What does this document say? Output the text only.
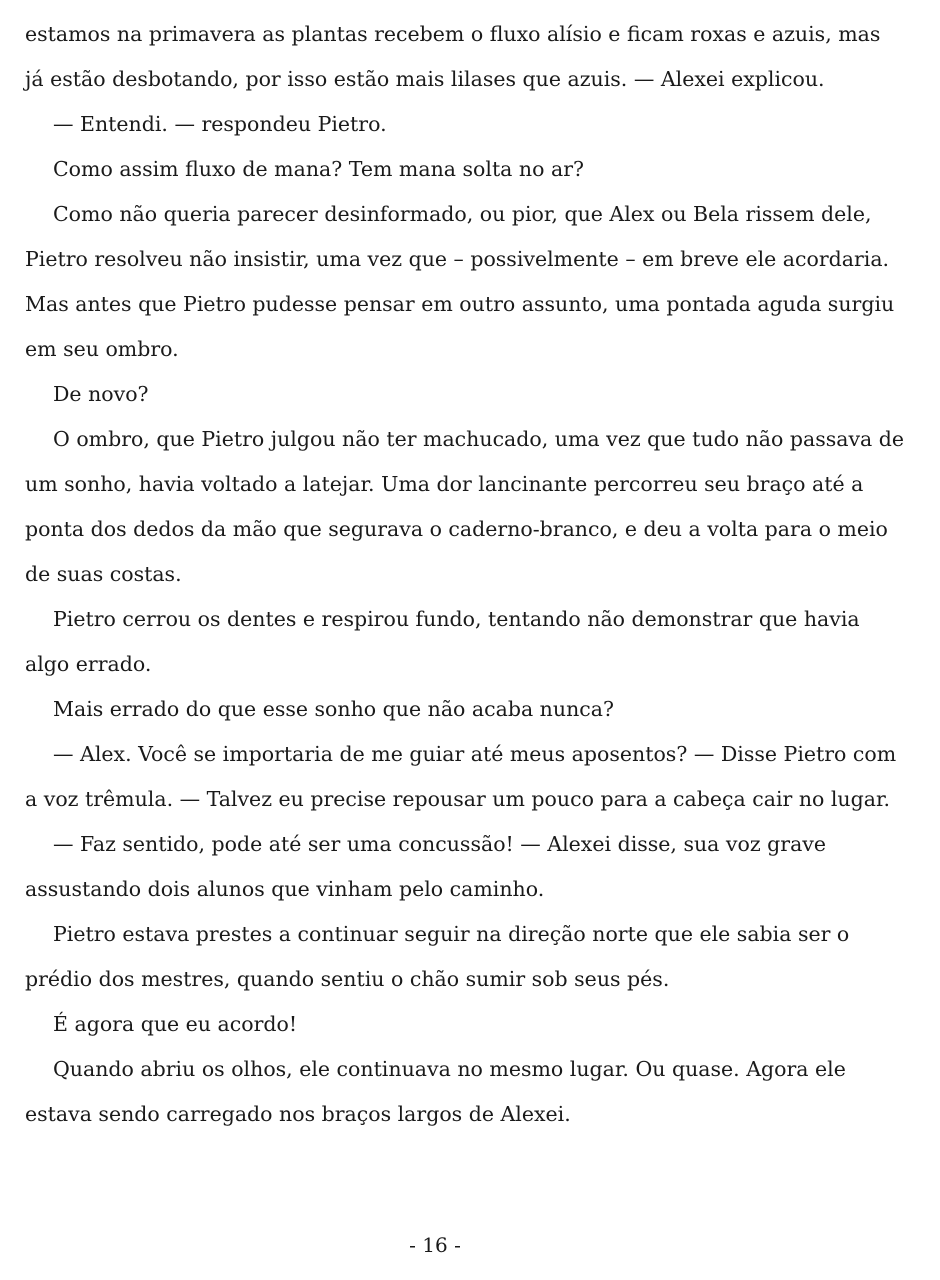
estamos na primavera as plantas recebem o fluxo alísio e ficam roxas e azuis, mas já estão desbotando, por isso estão mais lilases que azuis. — Alexei explicou.

— Entendi. — respondeu Pietro.

Como assim fluxo de mana? Tem mana solta no ar?

Como não queria parecer desinformado, ou pior, que Alex ou Bela rissem dele, Pietro resolveu não insistir, uma vez que – possivelmente – em breve ele acordaria. Mas antes que Pietro pudesse pensar em outro assunto, uma pontada aguda surgiu em seu ombro.

De novo?

O ombro, que Pietro julgou não ter machucado, uma vez que tudo não passava de um sonho, havia voltado a latejar. Uma dor lancinante percorreu seu braço até a ponta dos dedos da mão que segurava o caderno-branco, e deu a volta para o meio de suas costas.

Pietro cerrou os dentes e respirou fundo, tentando não demonstrar que havia algo errado.

Mais errado do que esse sonho que não acaba nunca?

— Alex. Você se importaria de me guiar até meus aposentos? — Disse Pietro com a voz trêmula. — Talvez eu precise repousar um pouco para a cabeça cair no lugar.

— Faz sentido, pode até ser uma concussão! — Alexei disse, sua voz grave assustando dois alunos que vinham pelo caminho.

Pietro estava prestes a continuar seguir na direção norte que ele sabia ser o prédio dos mestres, quando sentiu o chão sumir sob seus pés.

É agora que eu acordo!

Quando abriu os olhos, ele continuava no mesmo lugar. Ou quase. Agora ele estava sendo carregado nos braços largos de Alexei.

- 16 -
